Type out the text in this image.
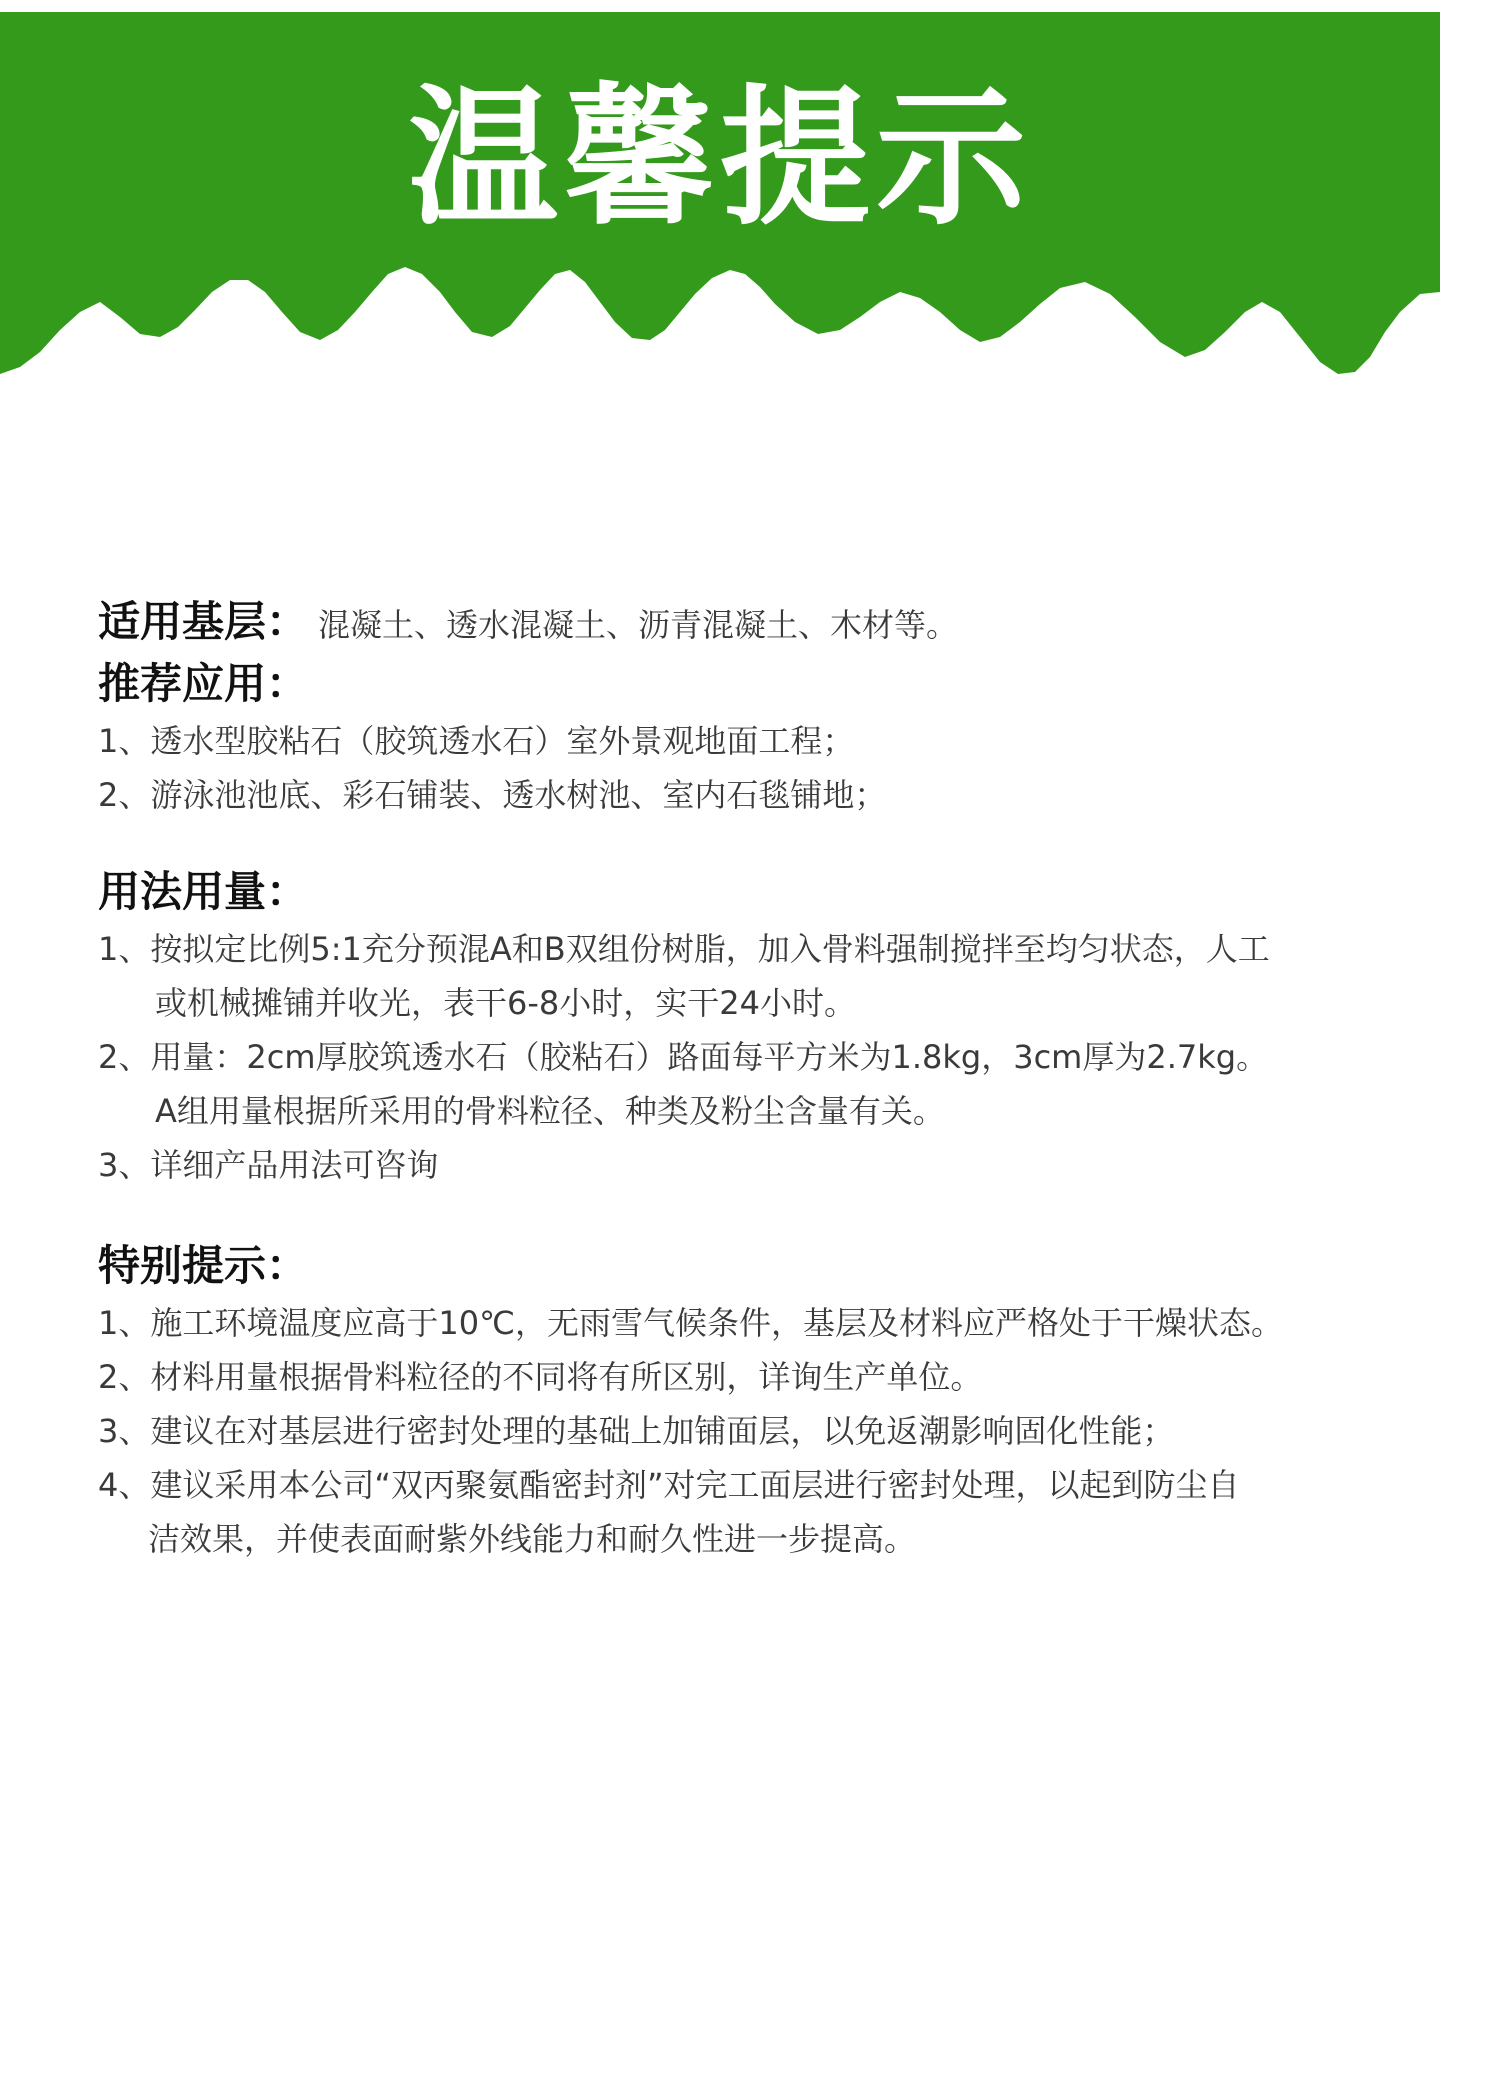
温馨提示
适用基层： 混凝土、透水混凝土、沥青混凝土、木材等。
推荐应用：
1、透水型胶粘石（胶筑透水石）室外景观地面工程；
2、游泳池池底、彩石铺装、透水树池、室内石毯铺地；
用法用量：
1、按拟定比例5:1充分预混A和B双组份树脂，加入骨料强制搅拌至均匀状态，人工
或机械摊铺并收光，表干6-8小时，实干24小时。
2、用量：2cm厚胶筑透水石（胶粘石）路面每平方米为1.8kg，3cm厚为2.7kg。
A组用量根据所采用的骨料粒径、种类及粉尘含量有关。
3、详细产品用法可咨询
特别提示：
1、施工环境温度应高于10℃，无雨雪气候条件，基层及材料应严格处于干燥状态。
2、材料用量根据骨料粒径的不同将有所区别，详询生产单位。
3、建议在对基层进行密封处理的基础上加铺面层，以免返潮影响固化性能；
4、建议采用本公司“双丙聚氨酯密封剂”对完工面层进行密封处理，以起到防尘自
洁效果，并使表面耐紫外线能力和耐久性进一步提高。
